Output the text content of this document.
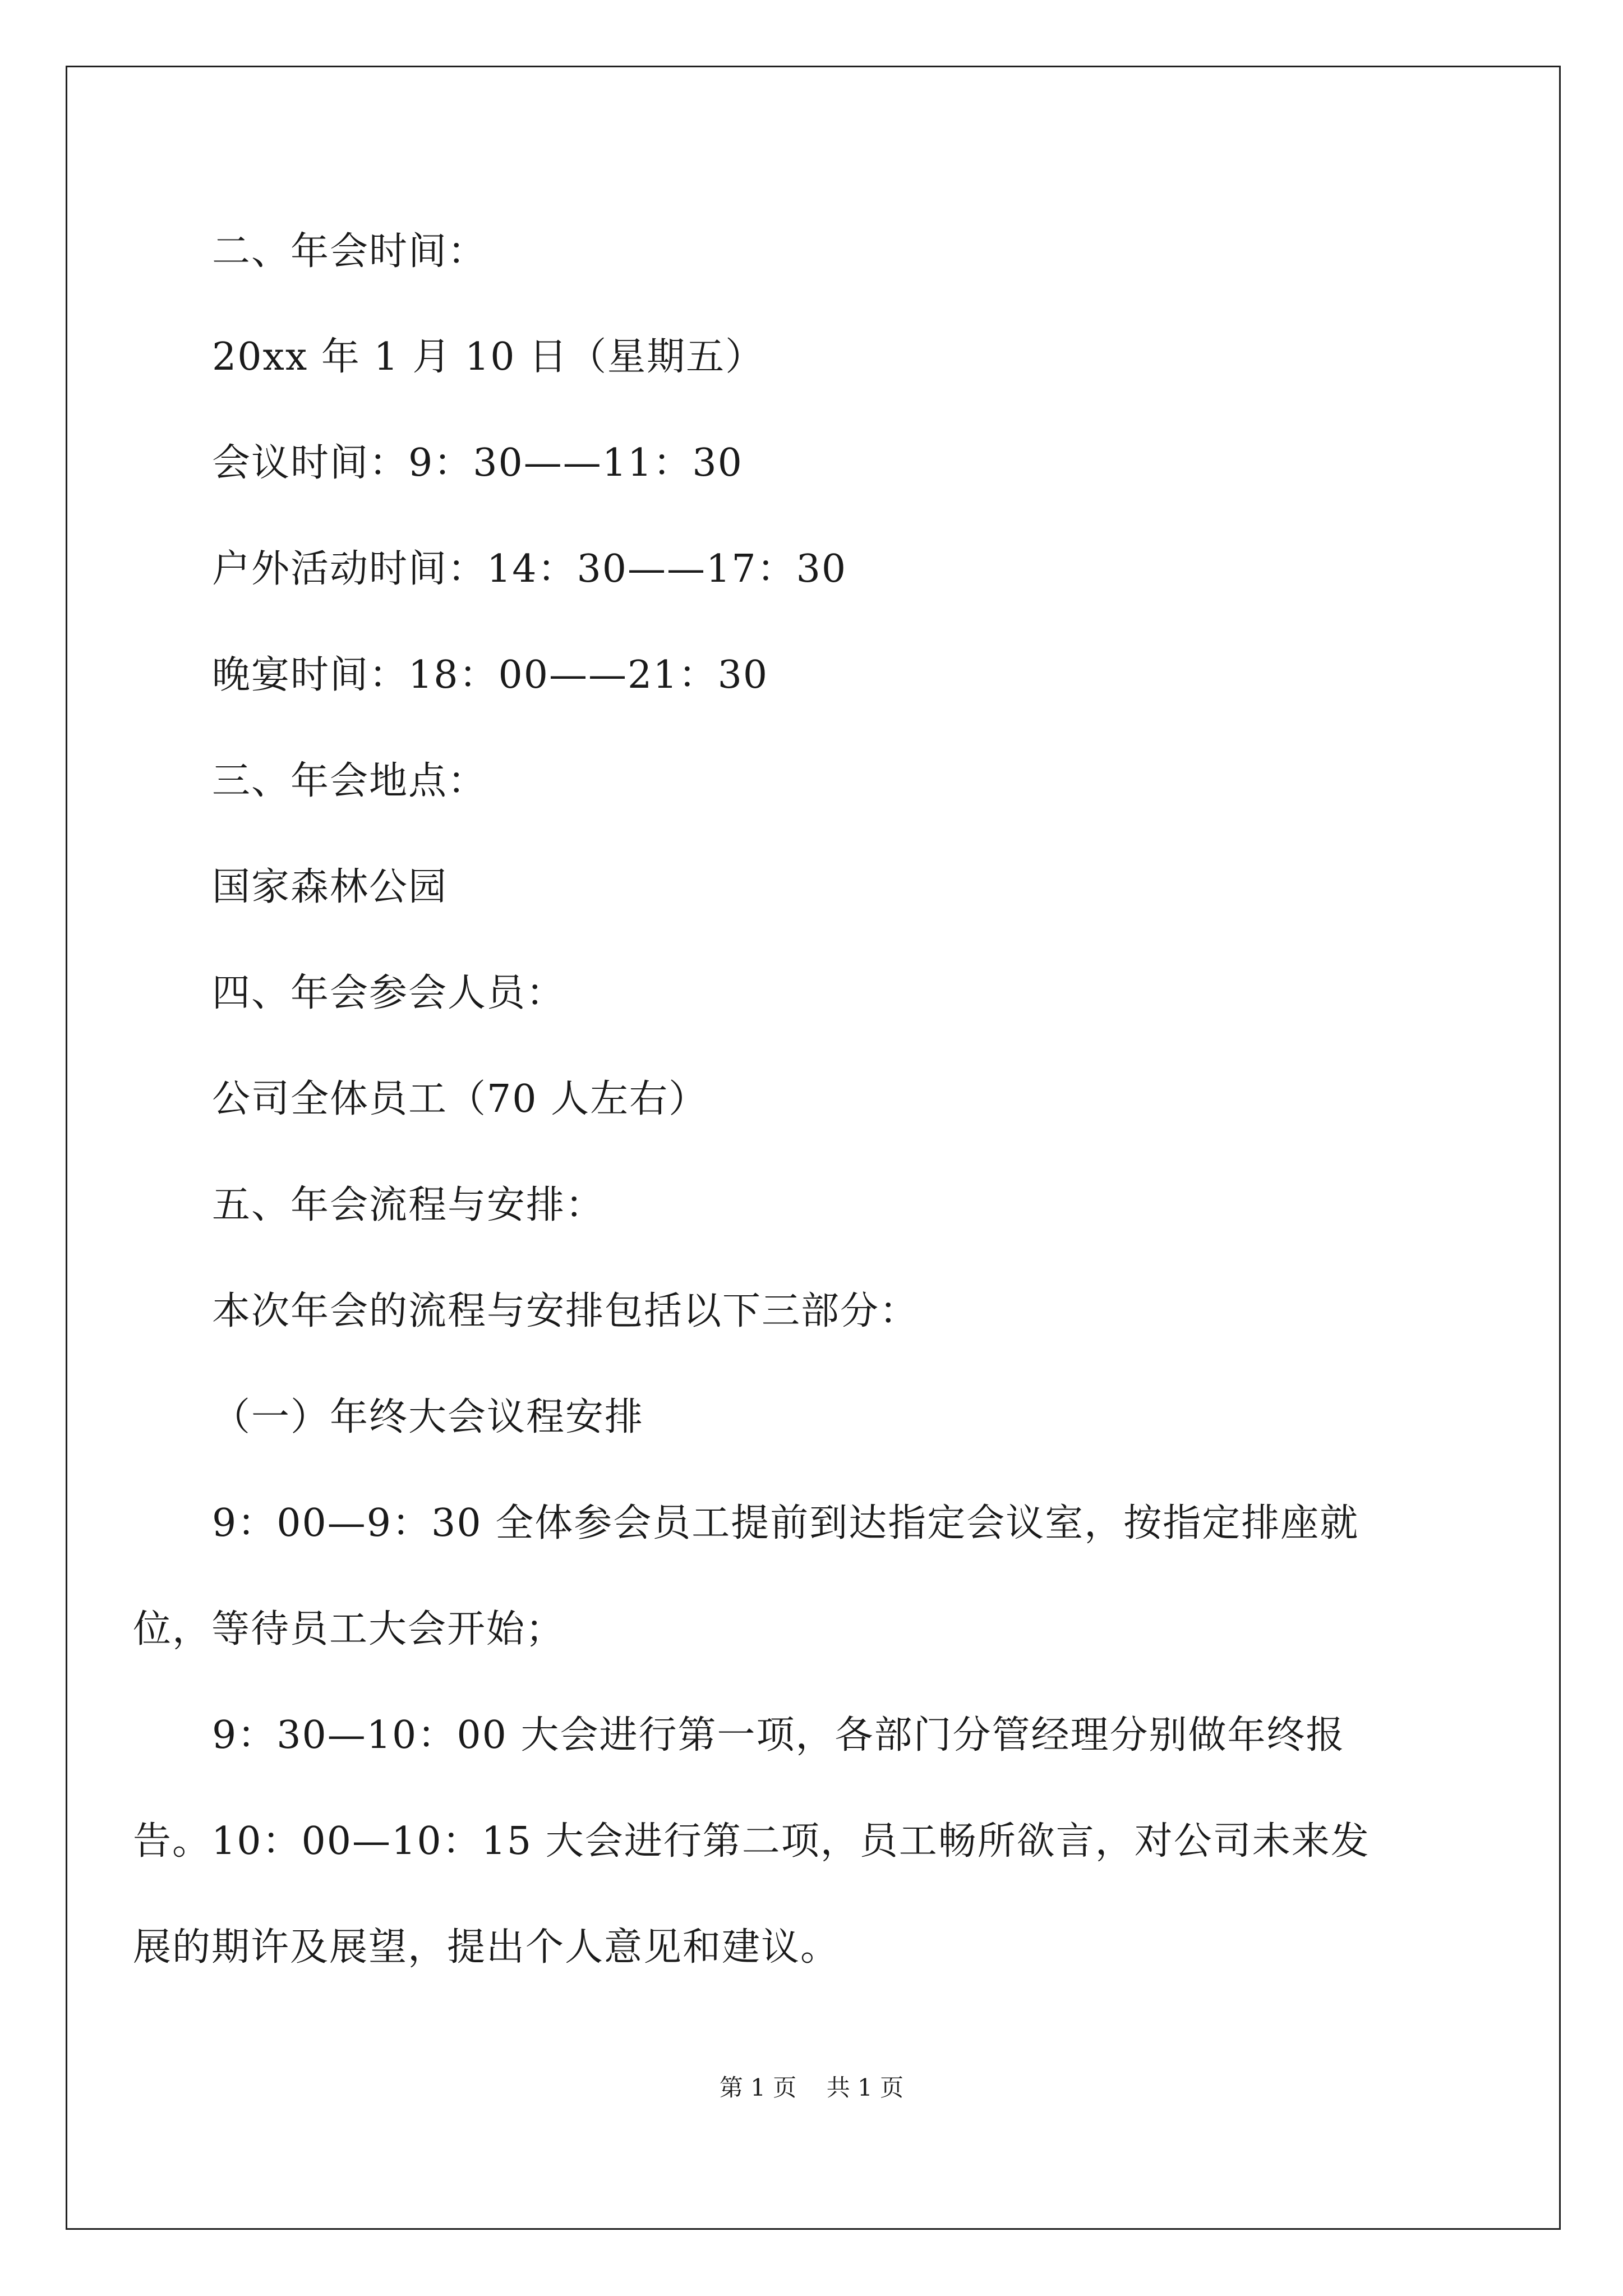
二、年会时间：
20xx 年 1 月 10 日（星期五）
会议时间：9：30——11：30
户外活动时间：14：30——17：30
晚宴时间：18：00——21：30
三、年会地点：
国家森林公园
四、年会参会人员：
公司全体员工（70 人左右）
五、年会流程与安排：
本次年会的流程与安排包括以下三部分：
（一）年终大会议程安排
9：00—9：30 全体参会员工提前到达指定会议室，按指定排座就
位，等待员工大会开始；
9：30—10：00 大会进行第一项，各部门分管经理分别做年终报
告。10：00—10：15 大会进行第二项，员工畅所欲言，对公司未来发
展的期许及展望，提出个人意见和建议。
第 1 页    共 1 页
